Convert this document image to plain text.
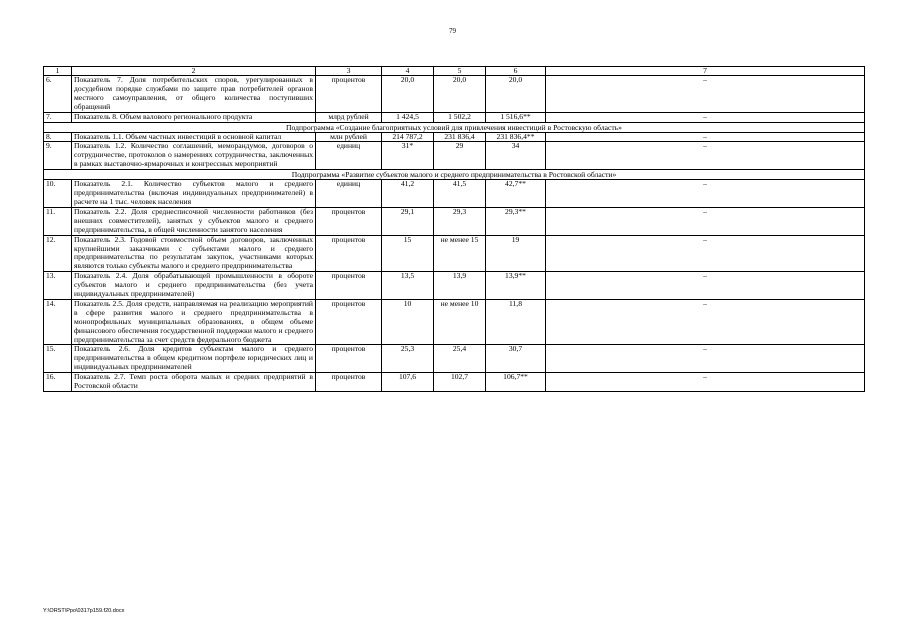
79
1	2	3	4	5	6	7
6.	Показатель 7. Доля потребительских споров, урегулированных в досудебном порядке службами по защите прав потребителей органов местного самоуправления, от общего количества поступивших обращений	процентов	20,0	20,0	20,0	–
7.	Показатель 8. Объем валового регионального продукта	млрд рублей	1 424,5	1 502,2	1 516,6**	–
Подпрограмма «Создание благоприятных условий для привлечения инвестиций в Ростовскую область»						
8.	Показатель 1.1. Объем частных инвестиций в основной капитал	млн рублей	214 787,2	231 836,4	231 836,4**	–
9.	Показатель 1.2. Количество соглашений, меморандумов, договоров о сотрудничестве, протоколов о намерениях сотрудничества, заключенных в рамках выставочно-ярмарочных и конгрессных мероприятий	единиц	31*	29	34	–
Подпрограмма «Развитие субъектов малого и среднего предпринимательства в Ростовской области»						
10.	Показатель 2.1. Количество субъектов малого и среднего предпринимательства (включая индивидуальных предпринимателей) в расчете на 1 тыс. человек населения	единиц	41,2	41,5	42,7**	–
11.	Показатель 2.2. Доля среднесписочной численности работников (без внешних совместителей), занятых у субъектов малого и среднего предпринимательства, в общей численности занятого населения	процентов	29,1	29,3	29,3**	–
12.	Показатель 2.3. Годовой стоимостной объем договоров, заключенных крупнейшими заказчиками с субъектами малого и среднего предпринимательства по результатам закупок, участниками которых являются только субъекты малого и среднего предпринимательства	процентов	15	не менее 15	19	–
13.	Показатель 2.4. Доля обрабатывающей промышленности в обороте субъектов малого и среднего предпринимательства (без учета индивидуальных предпринимателей)	процентов	13,5	13,9	13,9**	–
14.	Показатель 2.5. Доля средств, направляемая на реализацию мероприятий в сфере развития малого и среднего предпринимательства в монопрофильных муниципальных образованиях, в общем объеме финансового обеспечения государственной поддержки малого и среднего предпринимательства за счет средств федерального бюджета	процентов	10	не менее 10	11,8	–
15.	Показатель 2.6. Доля кредитов субъектам малого и среднего предпринимательства в общем кредитном портфеле юридических лиц и индивидуальных предпринимателей	процентов	25,3	25,4	30,7	–
16.	Показатель 2.7. Темп роста оборота малых и средних предприятий в Ростовской области	процентов	107,6	102,7	106,7**	–
Y:\ORST\Ppo\0317p159.f20.docx
